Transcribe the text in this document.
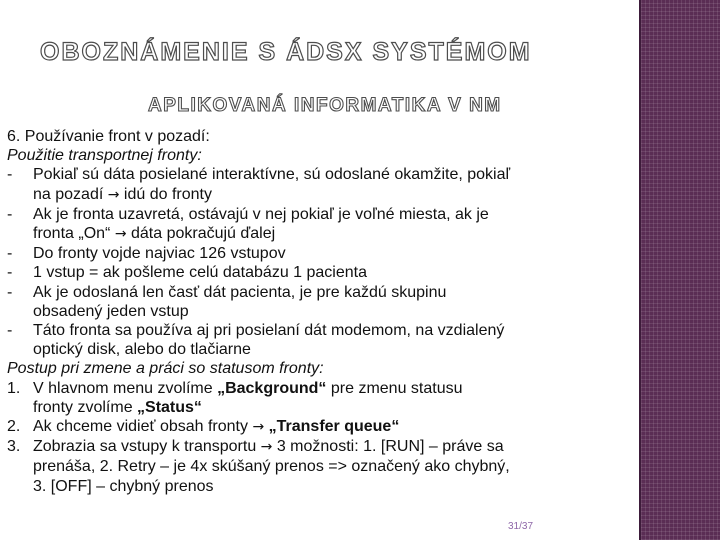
OBOZNÁMENIE S ÁDSX SYSTÉMOM
APLIKOVANÁ INFORMATIKA V NM
6. Používanie front v pozadí:
Použitie transportnej fronty:
-	Pokiaľ sú dáta posielané interaktívne, sú odoslané okamžite, pokiaľ
na pozadí → idú do fronty
-	Ak je fronta uzavretá, ostávajú v nej pokiaľ je voľné miesta, ak je
fronta „On“ → dáta pokračujú ďalej
-	Do fronty vojde najviac 126 vstupov
-	1 vstup = ak pošleme celú databázu 1 pacienta
-	Ak je odoslaná len časť dát pacienta, je pre každú skupinu
obsadený jeden vstup
-	Táto fronta sa používa aj pri posielaní dát modemom, na vzdialený
optický disk, alebo do tlačiarne
Postup pri zmene a práci so statusom fronty:
1. V hlavnom menu zvolíme „Background“ pre zmenu statusu
fronty zvolíme „Status“
2. Ak chceme vidieť obsah fronty → „Transfer queue“
3. Zobrazia sa vstupy k transportu → 3 možnosti: 1. [RUN] – práve sa
prenáša, 2. Retry – je 4x skúšaný prenos => označený ako chybný,
3. [OFF] – chybný prenos
31/37
